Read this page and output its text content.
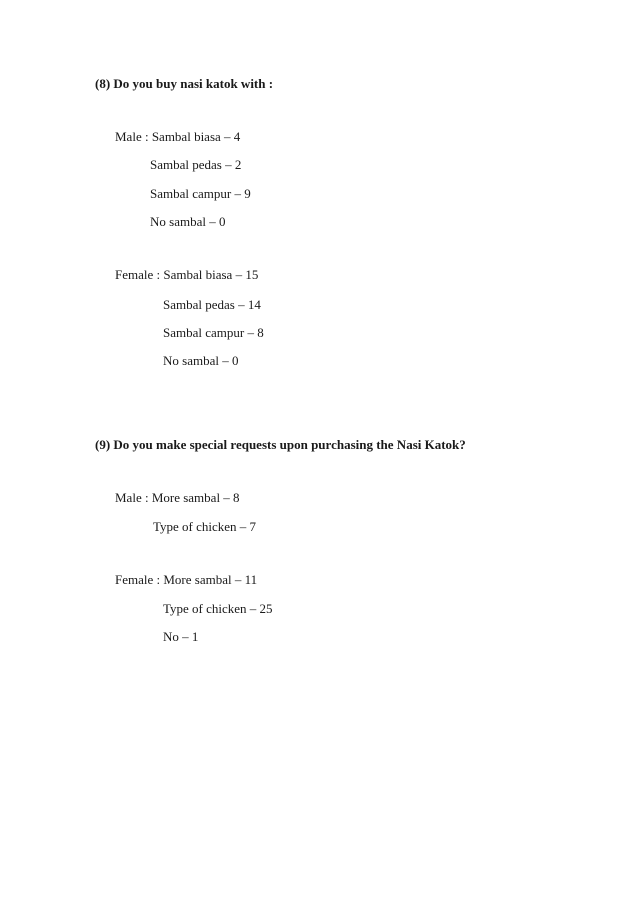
(8) Do you buy nasi katok with :
Male : Sambal biasa – 4
Sambal pedas – 2
Sambal campur – 9
No sambal – 0
Female : Sambal biasa – 15
Sambal pedas – 14
Sambal campur – 8
No sambal – 0
(9) Do you make special requests upon purchasing the Nasi Katok?
Male : More sambal – 8
Type of chicken – 7
Female : More sambal – 11
Type of chicken – 25
No – 1
